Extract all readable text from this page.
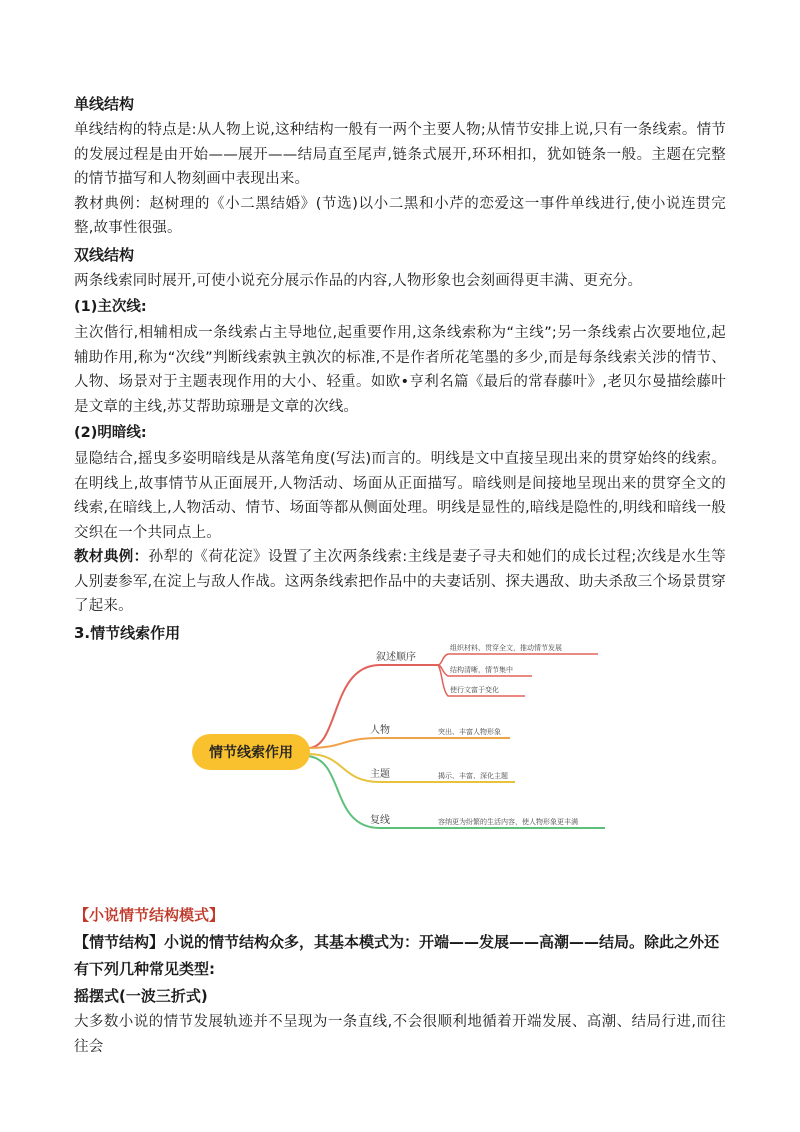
单线结构

单线结构的特点是:从人物上说,这种结构一般有一两个主要人物;从情节安排上说,只有一条线索。情节的发展过程是由开始——展开——结局直至尾声,链条式展开,环环相扣，犹如链条一般。主题在完整的情节描写和人物刻画中表现出来。

教材典例：赵树理的《小二黑结婚》(节选)以小二黑和小芹的恋爱这一事件单线进行,使小说连贯完整,故事性很强。

双线结构

两条线索同时展开,可使小说充分展示作品的内容,人物形象也会刻画得更丰满、更充分。

(1)主次线:

主次偕行,相辅相成一条线索占主导地位,起重要作用,这条线索称为“主线”;另一条线索占次要地位,起辅助作用,称为“次线”判断线索孰主孰次的标准,不是作者所花笔墨的多少,而是每条线索关涉的情节、人物、场景对于主题表现作用的大小、轻重。如欧•亨利名篇《最后的常春藤叶》,老贝尔曼描绘藤叶是文章的主线,苏艾帮助琼珊是文章的次线。

(2)明暗线:

显隐结合,摇曳多姿明暗线是从落笔角度(写法)而言的。明线是文中直接呈现出来的贯穿始终的线索。在明线上,故事情节从正面展开,人物活动、场面从正面描写。暗线则是间接地呈现出来的贯穿全文的线索,在暗线上,人物活动、情节、场面等都从侧面处理。明线是显性的,暗线是隐性的,明线和暗线一般交织在一个共同点上。

教材典例：孙犁的《荷花淀》设置了主次两条线索:主线是妻子寻夫和她们的成长过程;次线是水生等人别妻参军,在淀上与敌人作战。这两条线索把作品中的夫妻话别、探夫遇敌、助夫杀敌三个场景贯穿了起来。

3.情节线索作用
情节线索作用
叙述顺序
人物
主题
复线
组织材料、贯穿全文，推动情节发展
结构清晰，情节集中
使行文富于变化
突出、丰富人物形象
揭示、丰富、深化主题
容纳更为纷繁的生活内容，使人物形象更丰满

【小说情节结构模式】

【情节结构】小说的情节结构众多，其基本模式为：开端——发展——高潮——结局。除此之外还有下列几种常见类型:

摇摆式(一波三折式)

大多数小说的情节发展轨迹并不呈现为一条直线,不会很顺利地循着开端发展、高潮、结局行进,而往往会
